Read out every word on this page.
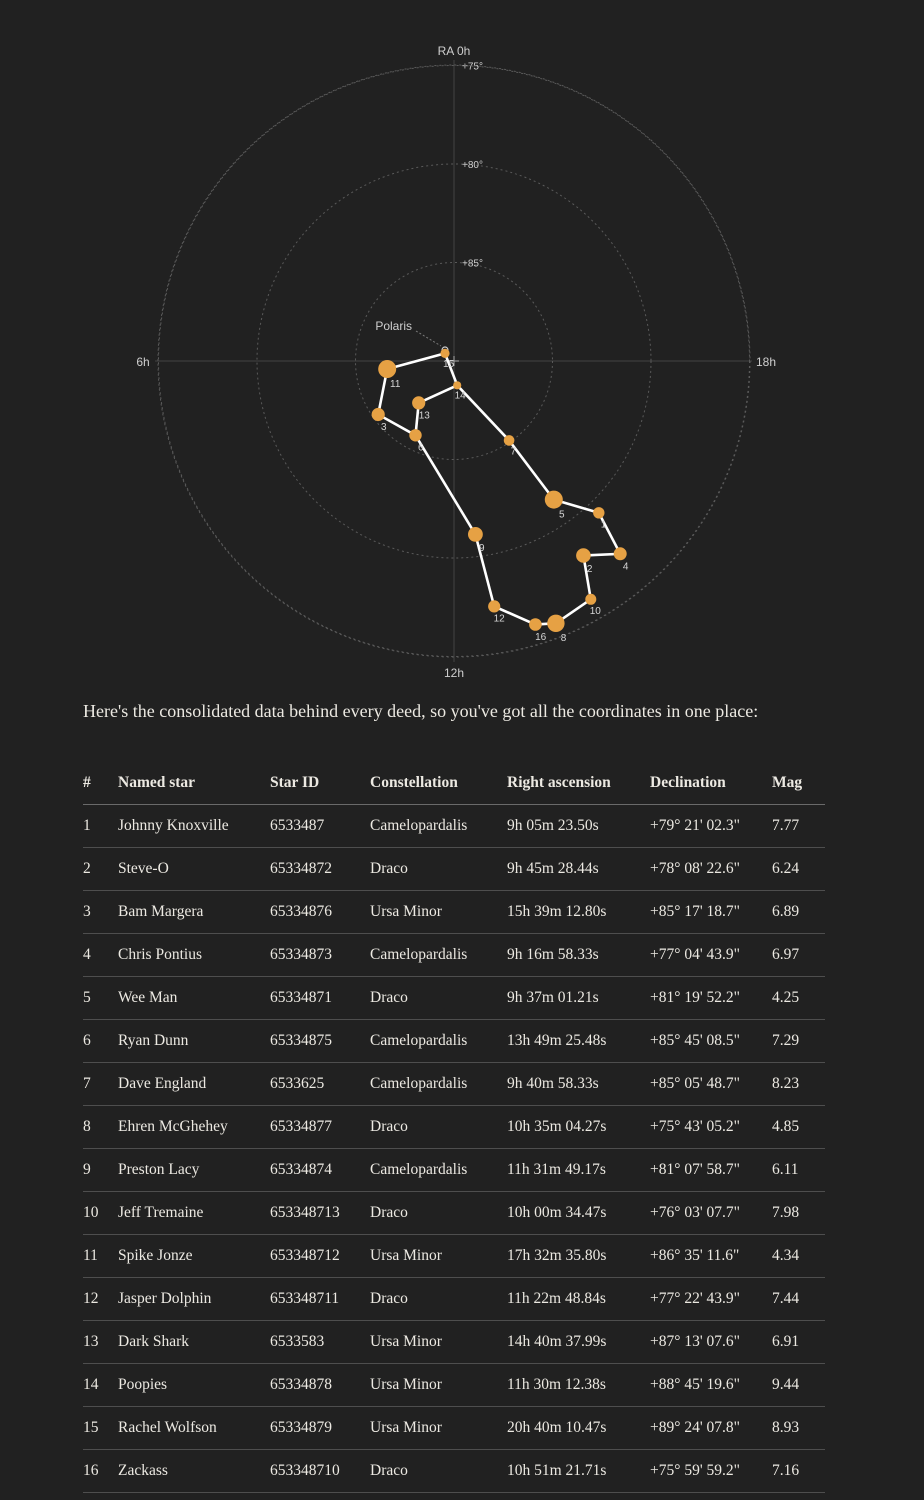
+85°
+80°
+75°
RA 0h
6h
12h
18h
Polaris
1
2
3
4
5
6	7
8
9
10
11
12
13
14
15
16

Here's the consolidated data behind every deed, so you've got all the coordinates in one place:

#	Named star	Star ID	Constellation	Right ascension	Declination	Mag
1	Johnny Knoxville	6533487	Camelopardalis	9h 05m 23.50s	+79° 21' 02.3"	7.77
2	Steve-O	65334872	Draco	9h 45m 28.44s	+78° 08' 22.6"	6.24
3	Bam Margera	65334876	Ursa Minor	15h 39m 12.80s	+85° 17' 18.7"	6.89
4	Chris Pontius	65334873	Camelopardalis	9h 16m 58.33s	+77° 04' 43.9"	6.97
5	Wee Man	65334871	Draco	9h 37m 01.21s	+81° 19' 52.2"	4.25
6	Ryan Dunn	65334875	Camelopardalis	13h 49m 25.48s	+85° 45' 08.5"	7.29
7	Dave England	6533625	Camelopardalis	9h 40m 58.33s	+85° 05' 48.7"	8.23
8	Ehren McGhehey	65334877	Draco	10h 35m 04.27s	+75° 43' 05.2"	4.85
9	Preston Lacy	65334874	Camelopardalis	11h 31m 49.17s	+81° 07' 58.7"	6.11
10	Jeff Tremaine	653348713	Draco	10h 00m 34.47s	+76° 03' 07.7"	7.98
11	Spike Jonze	653348712	Ursa Minor	17h 32m 35.80s	+86° 35' 11.6"	4.34
12	Jasper Dolphin	653348711	Draco	11h 22m 48.84s	+77° 22' 43.9"	7.44
13	Dark Shark	6533583	Ursa Minor	14h 40m 37.99s	+87° 13' 07.6"	6.91
14	Poopies	65334878	Ursa Minor	11h 30m 12.38s	+88° 45' 19.6"	9.44
15	Rachel Wolfson	65334879	Ursa Minor	20h 40m 10.47s	+89° 24' 07.8"	8.93
16	Zackass	653348710	Draco	10h 51m 21.71s	+75° 59' 59.2"	7.16
